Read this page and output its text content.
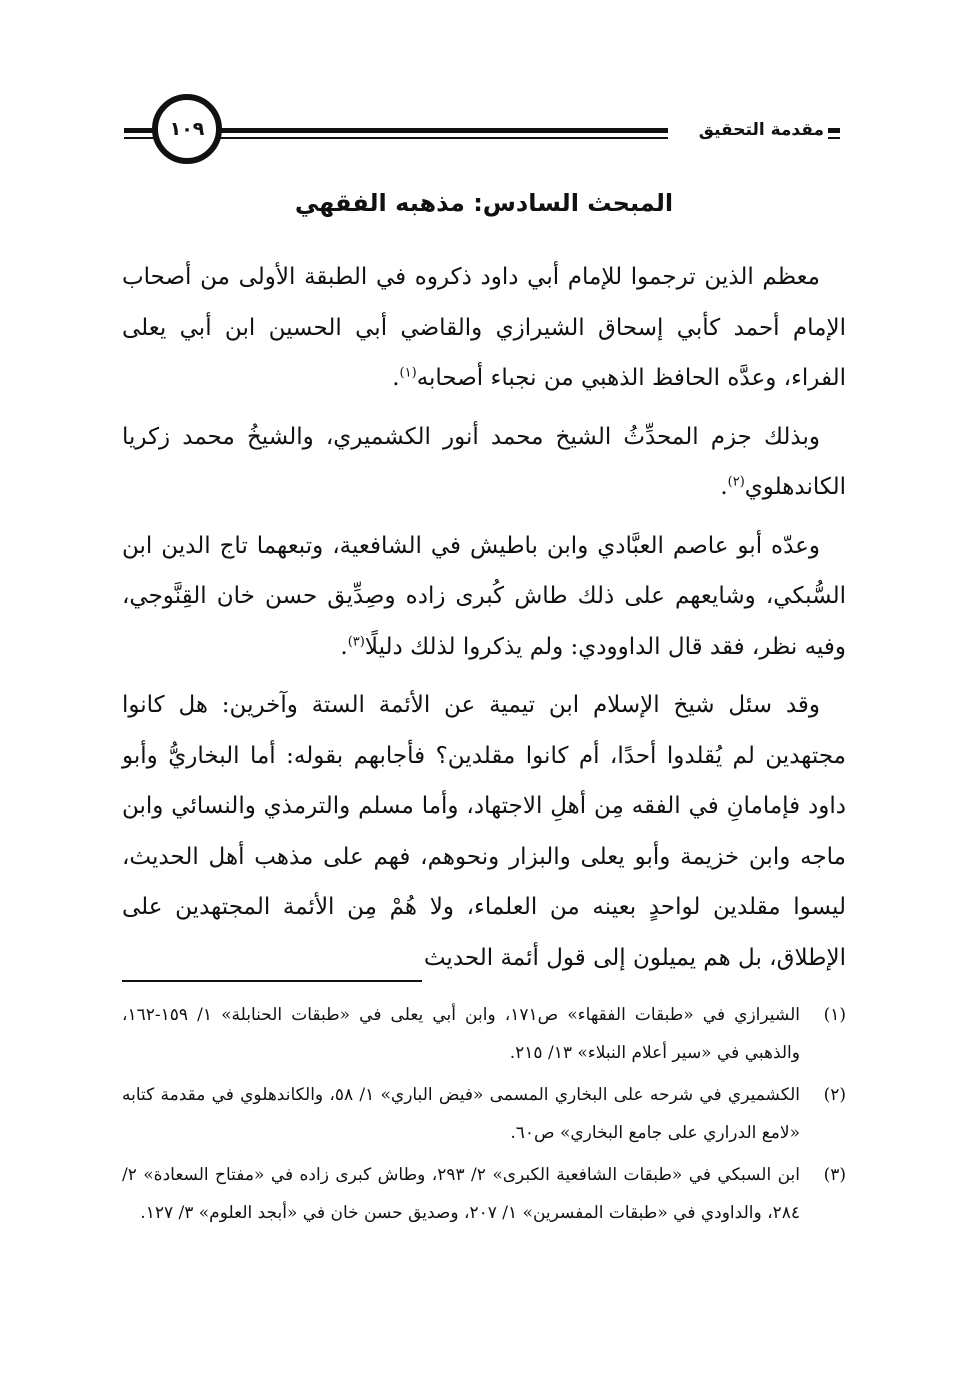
مقدمة التحقيق
١٠٩
المبحث السادس: مذهبه الفقهي

معظم الذين ترجموا للإمام أبي داود ذكروه في الطبقة الأولى من أصحاب الإمام أحمد كأبي إسحاق الشيرازي والقاضي أبي الحسين ابن أبي يعلى الفراء، وعدَّه الحافظ الذهبي من نجباء أصحابه$^{(١)}$.

وبذلك جزم المحدِّثُ الشيخ محمد أنور الكشميري، والشيخُ محمد زكريا الكاندهلوي$^{(٢)}$.

وعدّه أبو عاصم العبَّادي وابن باطيش في الشافعية، وتبعهما تاج الدين ابن السُّبكي، وشايعهم على ذلك طاش كُبرى زاده وصِدِّيق حسن خان القِنَّوجي، وفيه نظر، فقد قال الداوودي: ولم يذكروا لذلك دليلًا$^{(٣)}$.

وقد سئل شيخ الإسلام ابن تيمية عن الأئمة الستة وآخرين: هل كانوا مجتهدين لم يُقلدوا أحدًا، أم كانوا مقلدين؟ فأجابهم بقوله: أما البخاريُّ وأبو داود فإمامانِ في الفقه مِن أهلِ الاجتهاد، وأما مسلم والترمذي والنسائي وابن ماجه وابن خزيمة وأبو يعلى والبزار ونحوهم، فهم على مذهب أهل الحديث، ليسوا مقلدين لواحدٍ بعينه من العلماء، ولا هُمْ مِن الأئمة المجتهدين على الإطلاق، بل هم يميلون إلى قول أئمة الحديث

(١)
الشيرازي في «طبقات الفقهاء» ص١٧١، وابن أبي يعلى في «طبقات الحنابلة» ١/ ١٥٩-١٦٢، والذهبي في «سير أعلام النبلاء» ١٣/ ٢١٥.
(٢)
الكشميري في شرحه على البخاري المسمى «فيض الباري» ١/ ٥٨، والكاندهلوي في مقدمة كتابه «لامع الدراري على جامع البخاري» ص٦٠.
(٣)
ابن السبكي في «طبقات الشافعية الكبرى» ٢/ ٢٩٣، وطاش كبرى زاده في «مفتاح السعادة» ٢/ ٢٨٤، والداودي في «طبقات المفسرين» ١/ ٢٠٧، وصديق حسن خان في «أبجد العلوم» ٣/ ١٢٧.
